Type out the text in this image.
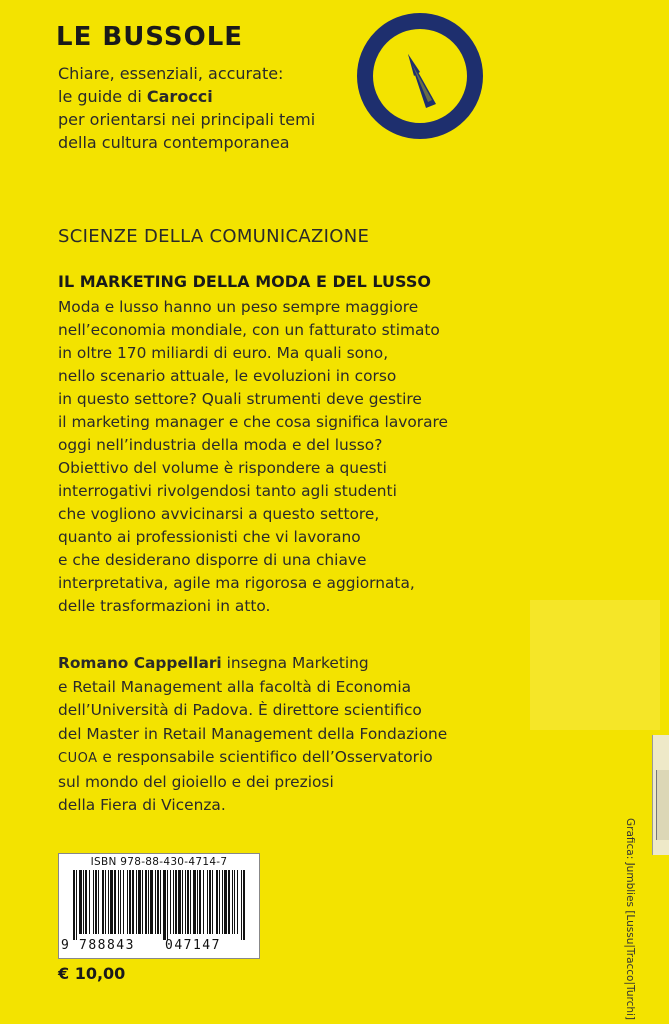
LE BUSSOLE
Chiare, essenziali, accurate:
le guide di Carocci
per orientarsi nei principali temi
della cultura contemporanea
SCIENZE DELLA COMUNICAZIONE
IL MARKETING DELLA MODA E DEL LUSSO
Moda e lusso hanno un peso sempre maggiore
nell’economia mondiale, con un fatturato stimato
in oltre 170 miliardi di euro. Ma quali sono,
nello scenario attuale, le evoluzioni in corso
in questo settore? Quali strumenti deve gestire
il marketing manager e che cosa significa lavorare
oggi nell’industria della moda e del lusso?
Obiettivo del volume è rispondere a questi
interrogativi rivolgendosi tanto agli studenti
che vogliono avvicinarsi a questo settore,
quanto ai professionisti che vi lavorano
e che desiderano disporre di una chiave
interpretativa, agile ma rigorosa e aggiornata,
delle trasformazioni in atto.
Romano Cappellari insegna Marketing
e Retail Management alla facoltà di Economia
dell’Università di Padova. È direttore scientifico
del Master in Retail Management della Fondazione
CUOA e responsabile scientifico dell’Osservatorio
sul mondo del gioiello e dei preziosi
della Fiera di Vicenza.
Grafica: Jumblies [Lussu|Tracco|Turchi]
ISBN 978-88-430-4714-7
9 788843 047147
€ 10,00
